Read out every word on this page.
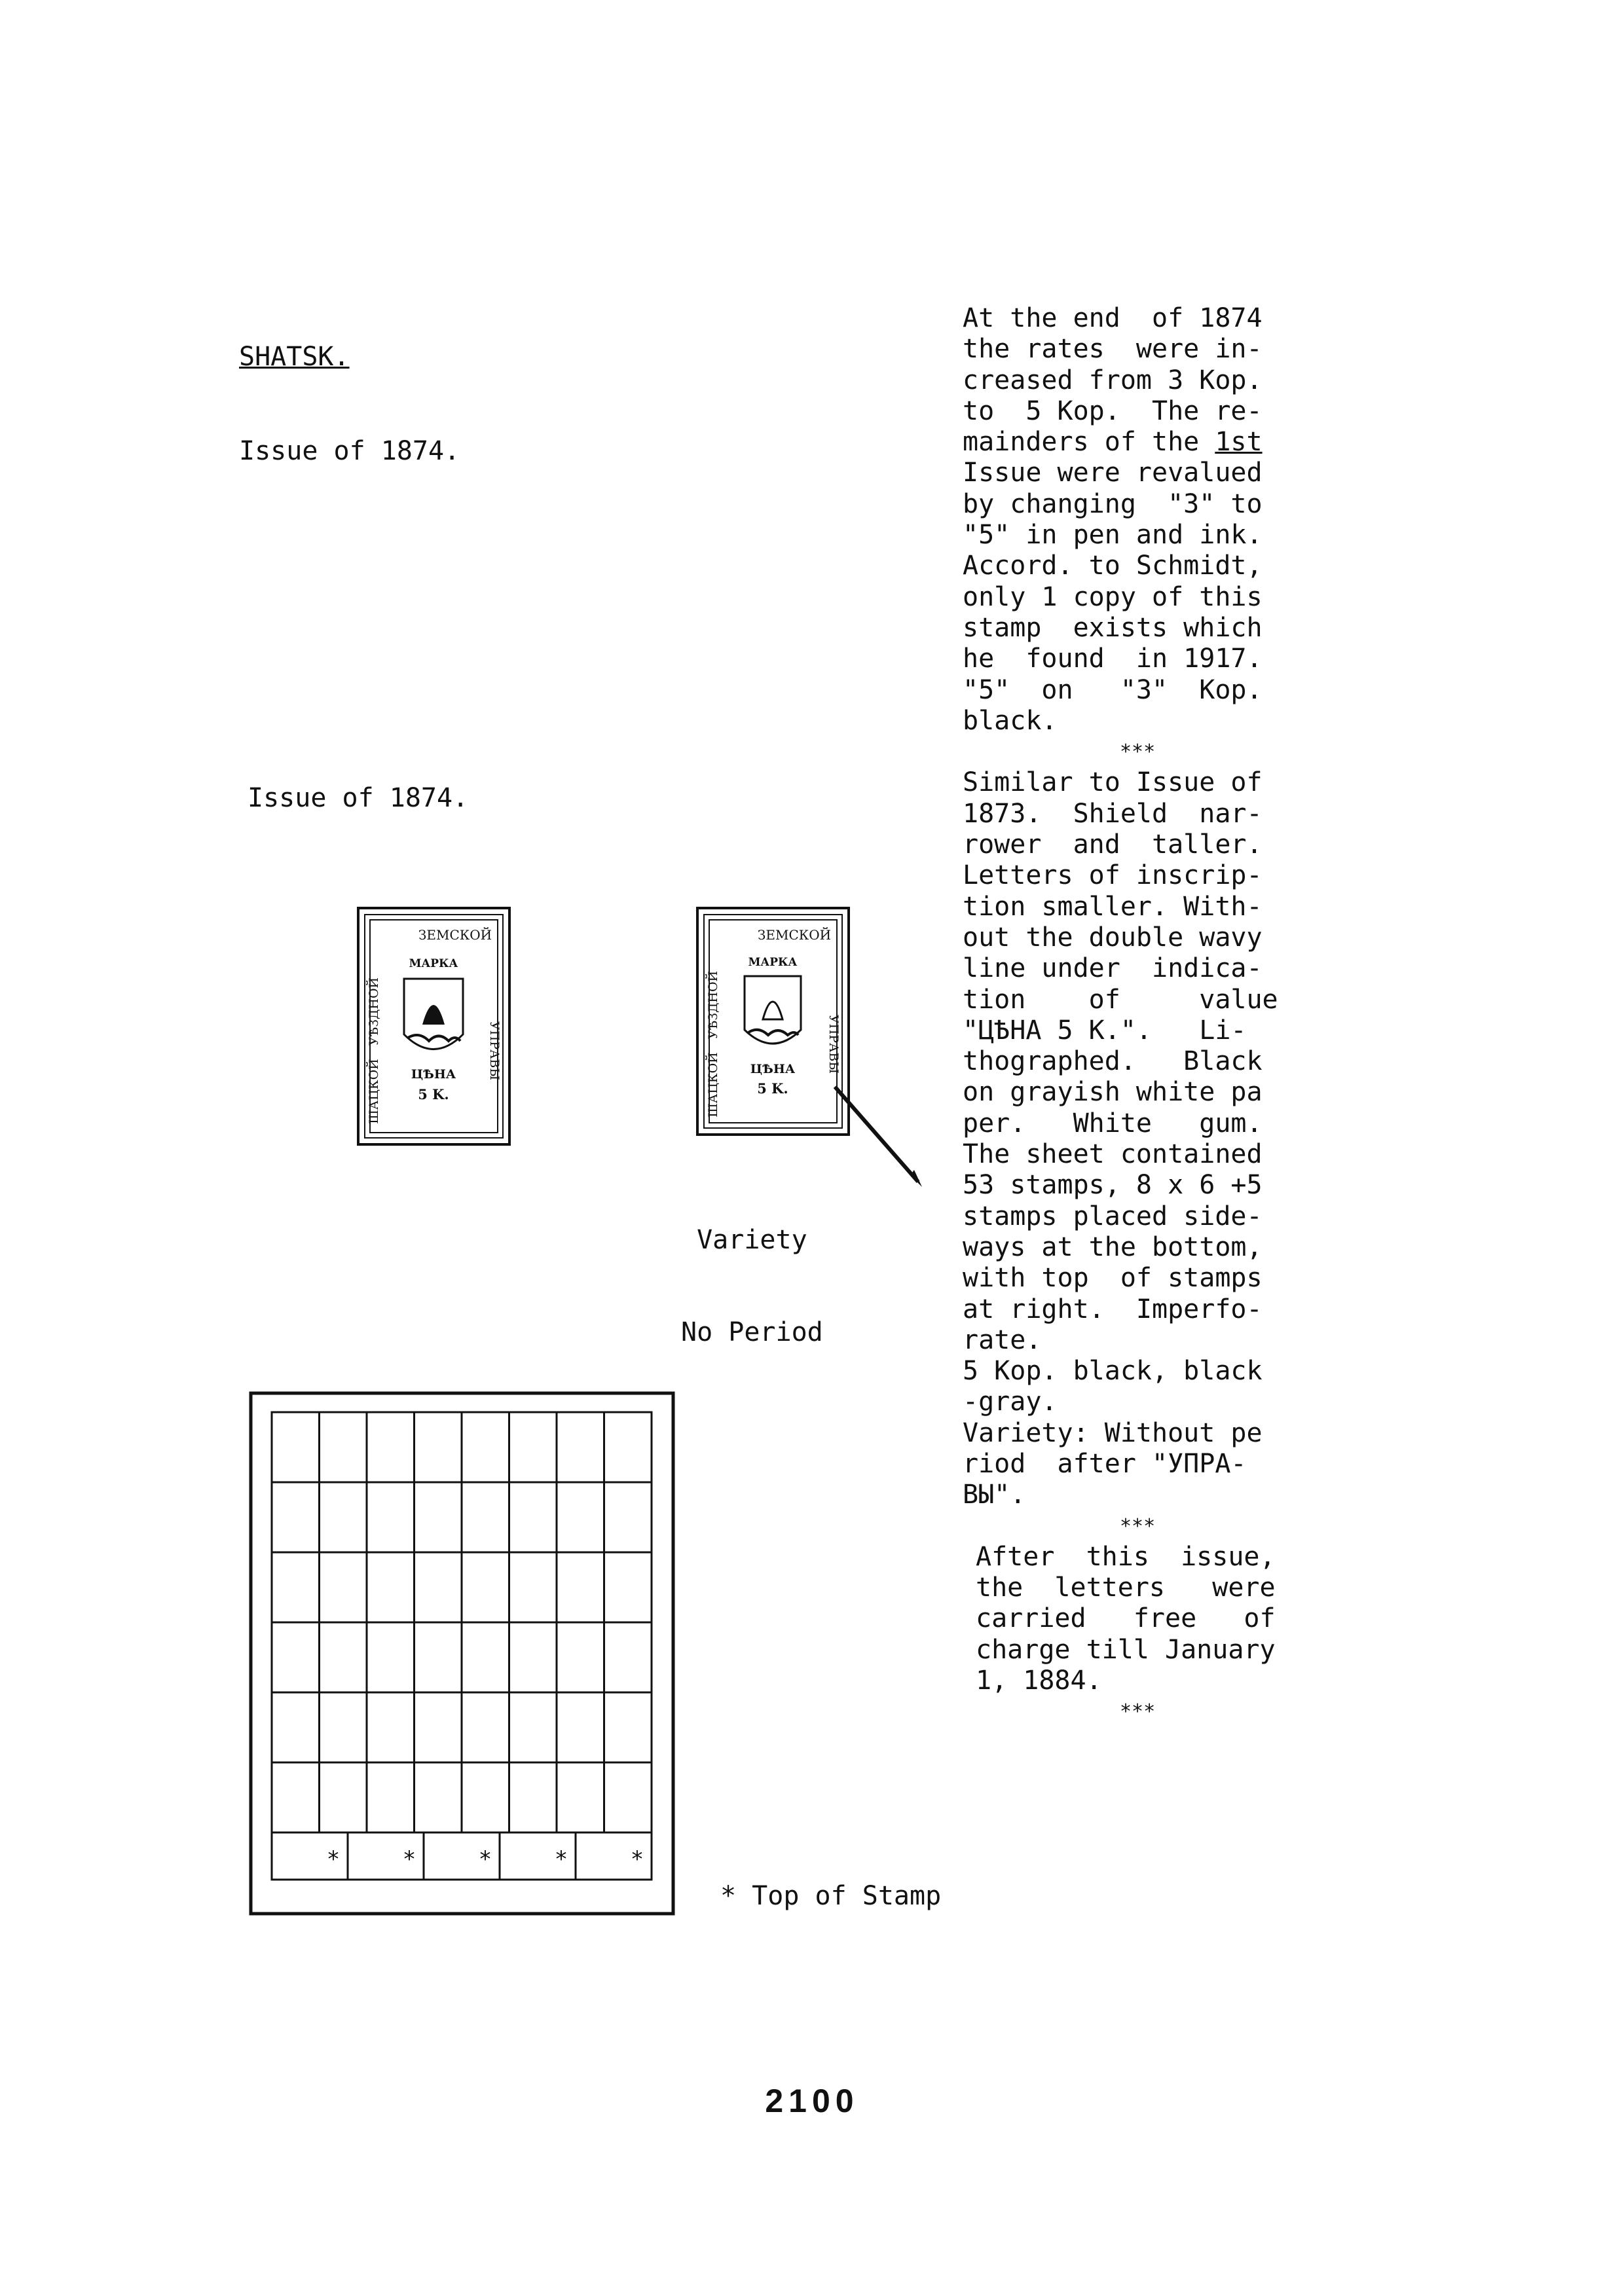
SHATSK.

Issue of 1874.

Issue of 1874.
At the end  of 1874
the rates  were in-
creased from 3 Kop.
to  5 Kop.  The re-
mainders of the 1st
Issue were revalued
by changing  "3" to
"5" in pen and ink.
Accord. to Schmidt,
only 1 copy of this
stamp  exists which
he  found  in 1917.
"5"  on   "3"  Kop.
black.
***
Similar to Issue of
1873.  Shield  nar-
rower  and  taller.
Letters of inscrip-
tion smaller. With-
out the double wavy
line under  indica-
tion    of     value
"ЦѢНА 5 K.".   Li-
thographed.   Black
on grayish white pa
per.   White   gum.
The sheet contained
53 stamps, 8 x 6 +5
stamps placed side-
ways at the bottom,
with top  of stamps
at right.  Imperfo-
rate.
5 Kop. black, black
-gray.
Variety: Without pe
riod  after "УПРА-
ВЫ".
***
After  this  issue,
the  letters   were
carried   free   of
charge till January
1, 1884.
***
ЗЕМСКОЙ
УѢЗДНОЙ
ШАЦКОЙ
УПРАВЫ
МАРКА
ЦѢНА
5 K.
ЗЕМСКОЙ
УѢЗДНОЙ
ШАЦКОЙ
УПРАВЫ
МАРКА
ЦѢНА
5 K.

Variety

No Period

*	*	*	*	*
* Top of Stamp
2100
